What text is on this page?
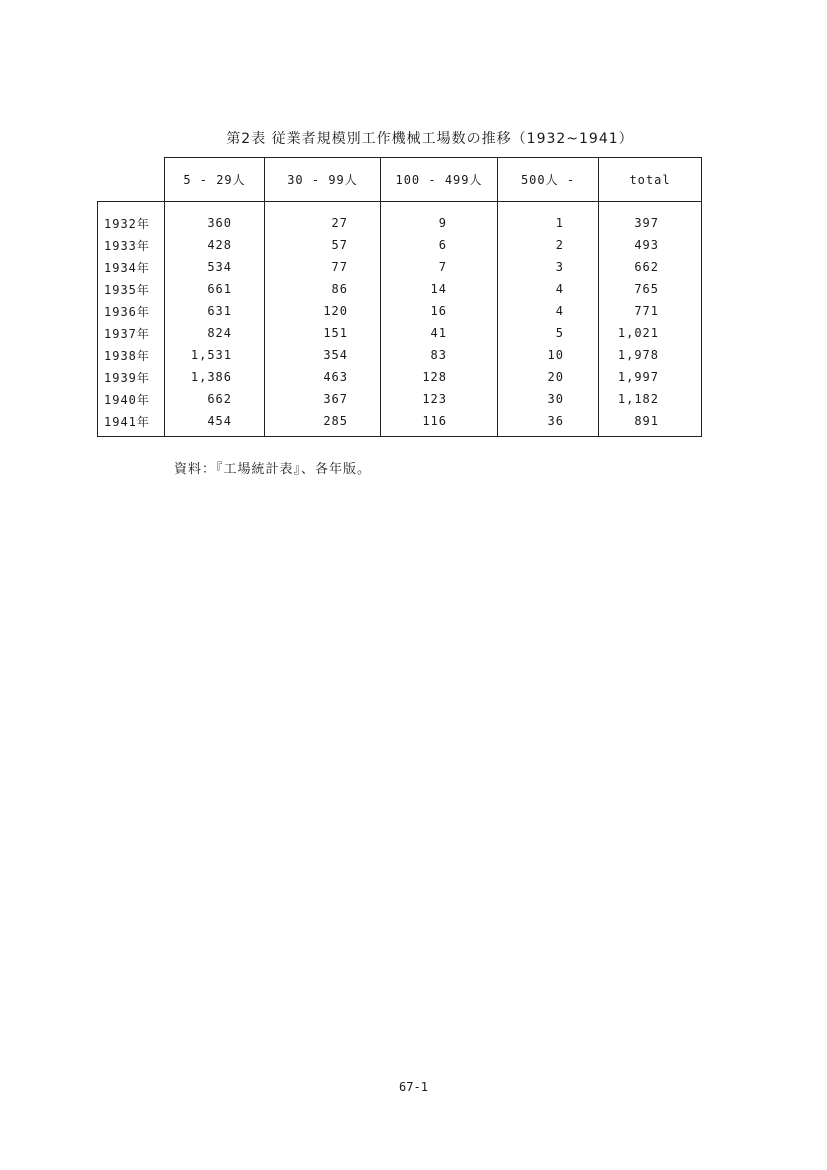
第2表 従業者規模別工作機械工場数の推移（1932~1941）
	5 - 29人	30 - 99人	100 - 499人	500人 -	total
1932年	360	27	9	1	397
1933年	428	57	6	2	493
1934年	534	77	7	3	662
1935年	661	86	14	4	765
1936年	631	120	16	4	771
1937年	824	151	41	5	1,021
1938年	1,531	354	83	10	1,978
1939年	1,386	463	128	20	1,997
1940年	662	367	123	30	1,182
1941年	454	285	116	36	891
資料：『工場統計表』、各年版。
67-1
